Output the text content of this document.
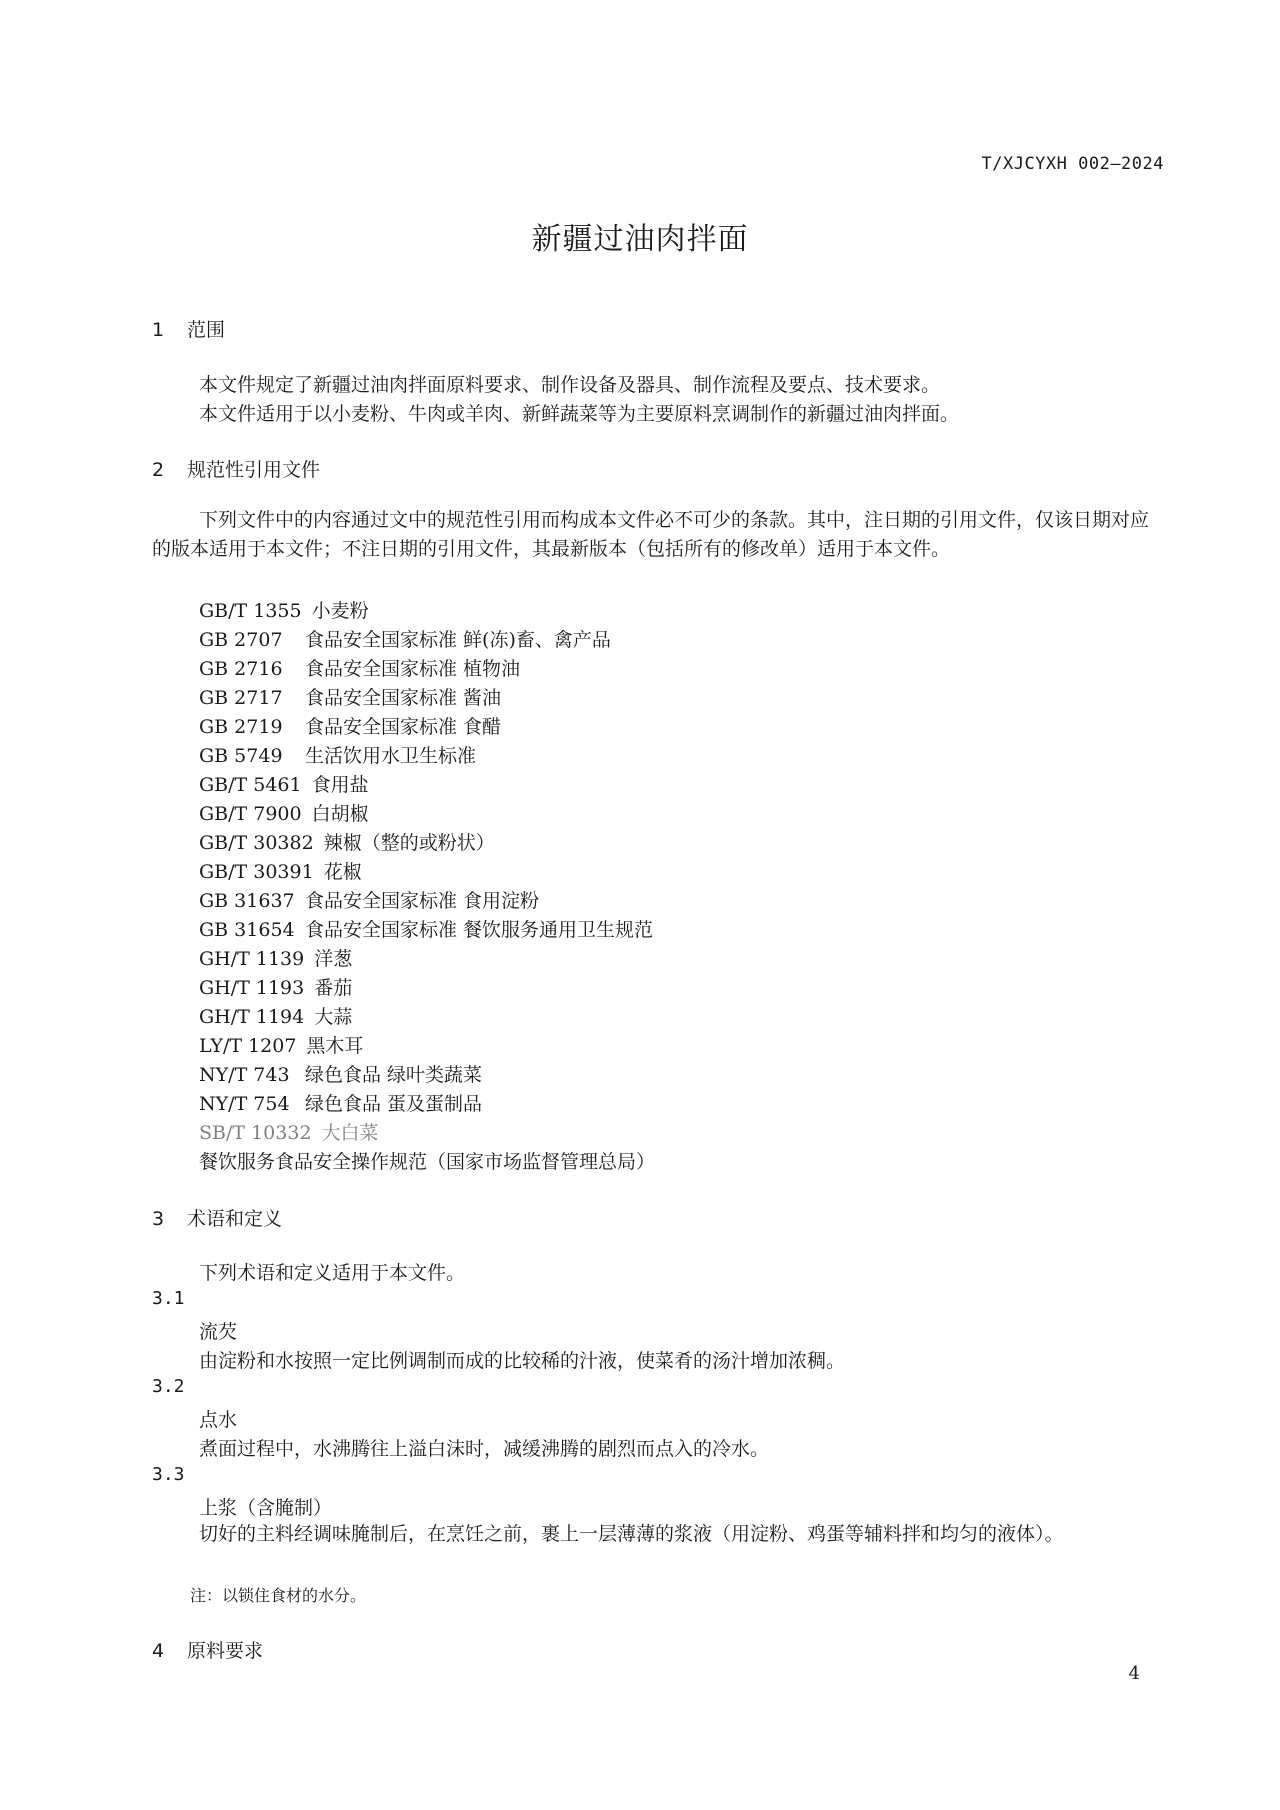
T/XJCYXH 002—2024
新疆过油肉拌面
1 范围
本文件规定了新疆过油肉拌面原料要求、制作设备及器具、制作流程及要点、技术要求。
本文件适用于以小麦粉、牛肉或羊肉、新鲜蔬菜等为主要原料烹调制作的新疆过油肉拌面。
2 规范性引用文件
下列文件中的内容通过文中的规范性引用而构成本文件必不可少的条款。其中，注日期的引用文件，仅该日期对应的版本适用于本文件；不注日期的引用文件，其最新版本（包括所有的修改单）适用于本文件。
GB/T 1355 小麦粉
GB 2707 食品安全国家标准 鲜(冻)畜、禽产品
GB 2716 食品安全国家标准 植物油
GB 2717 食品安全国家标准 酱油
GB 2719 食品安全国家标准 食醋
GB 5749 生活饮用水卫生标准
GB/T 5461 食用盐
GB/T 7900 白胡椒
GB/T 30382 辣椒（整的或粉状）
GB/T 30391 花椒
GB 31637 食品安全国家标准 食用淀粉
GB 31654 食品安全国家标准 餐饮服务通用卫生规范
GH/T 1139 洋葱
GH/T 1193 番茄
GH/T 1194 大蒜
LY/T 1207 黑木耳
NY/T 743 绿色食品 绿叶类蔬菜
NY/T 754 绿色食品 蛋及蛋制品
SB/T 10332 大白菜
餐饮服务食品安全操作规范（国家市场监督管理总局）
3 术语和定义
下列术语和定义适用于本文件。
3.1
流芡
由淀粉和水按照一定比例调制而成的比较稀的汁液，使菜肴的汤汁增加浓稠。
3.2
点水
煮面过程中，水沸腾往上溢白沫时，减缓沸腾的剧烈而点入的冷水。
3.3
上浆（含腌制）
切好的主料经调味腌制后，在烹饪之前，裹上一层薄薄的浆液（用淀粉、鸡蛋等辅料拌和均匀的液体）。
注：以锁住食材的水分。
4 原料要求
4
